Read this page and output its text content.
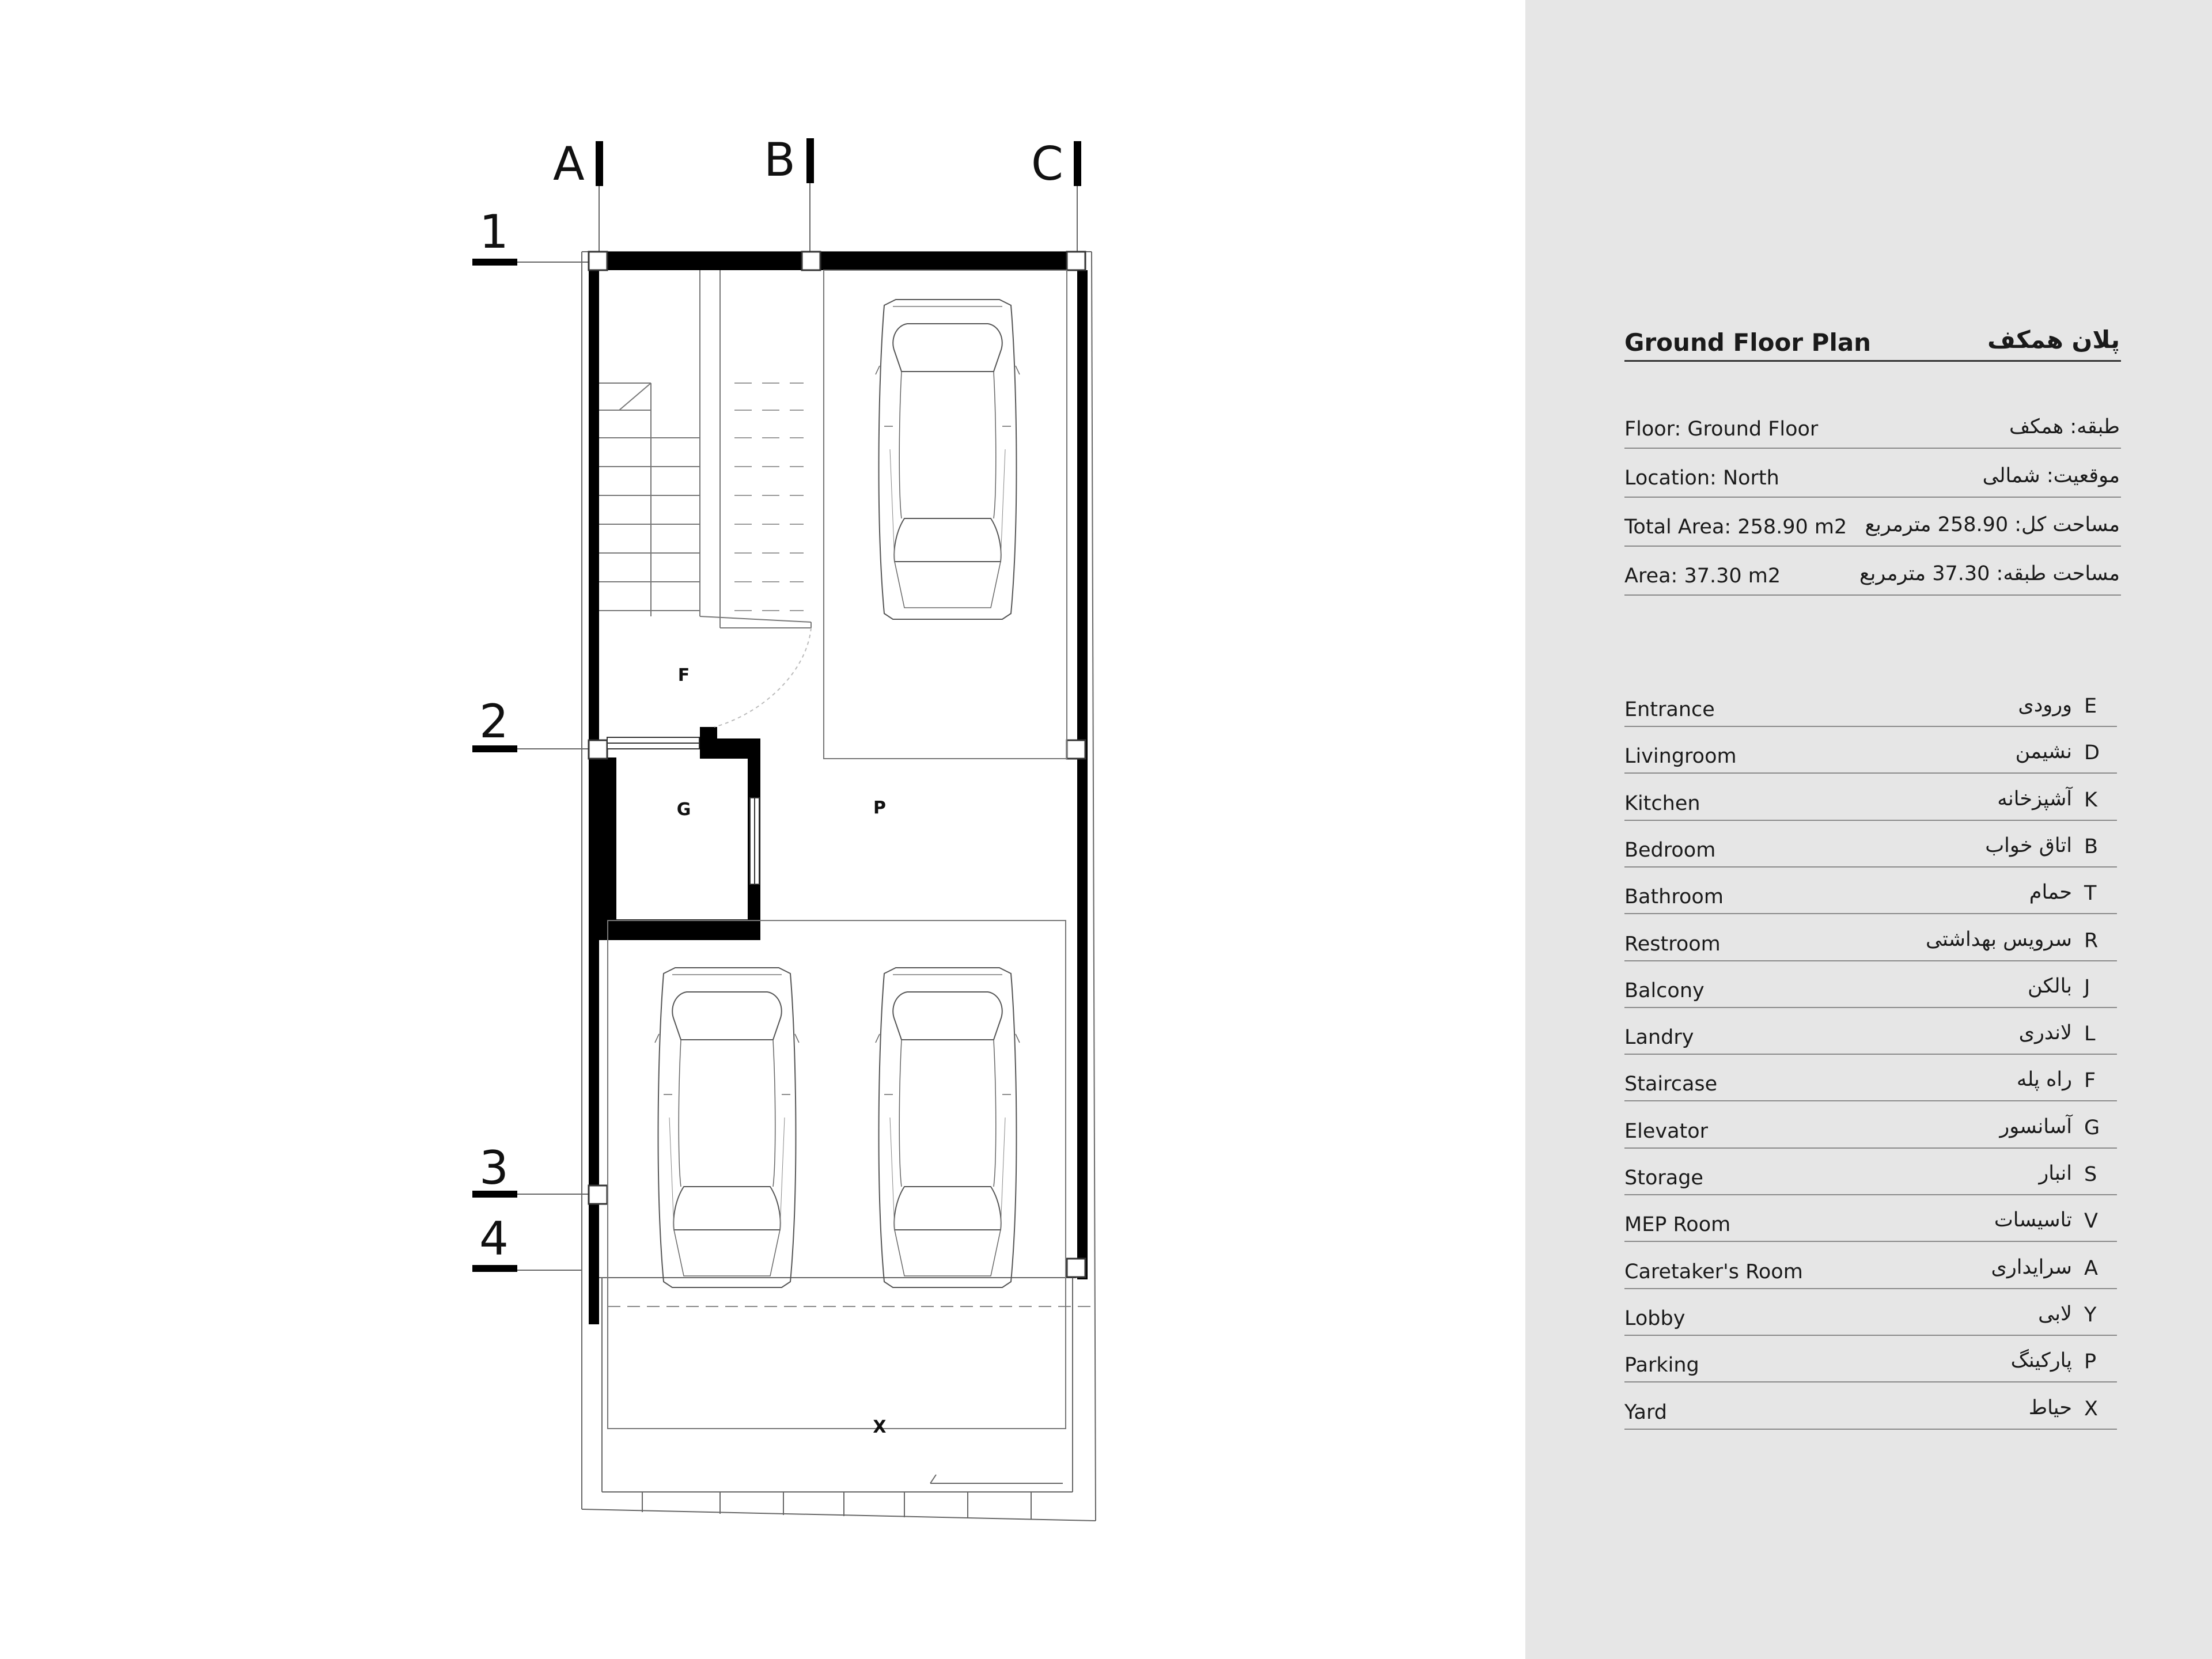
A	B	C
1
2
3
4
F
G	P
X
Ground Floor Plan	پلان همکف
Floor: Ground Floor	طبقه: همکف
Location: North	موقعیت: شمالی
Total Area: 258.90 m2 مساحت کل: 258.90 مترمربع
Area: 37.30 m2	مساحت طبقه: 37.30 مترمربع
Entrance	ورودی E
Livingroom	نشیمن D
Kitchen	آشپزخانه K
Bedroom	اتاق خواب B
Bathroom	حمام T
Restroom	سرویس بهداشتی R
Balcony	بالکن J
Landry	لاندری L
Staircase	راه پله F
Elevator	آسانسور G
Storage	انبار S
MEP Room	تاسیسات V
Caretaker's Room	سرایداری A
Lobby	لابی Y
Parking	پارکینگ P
Yard	حیاط X
